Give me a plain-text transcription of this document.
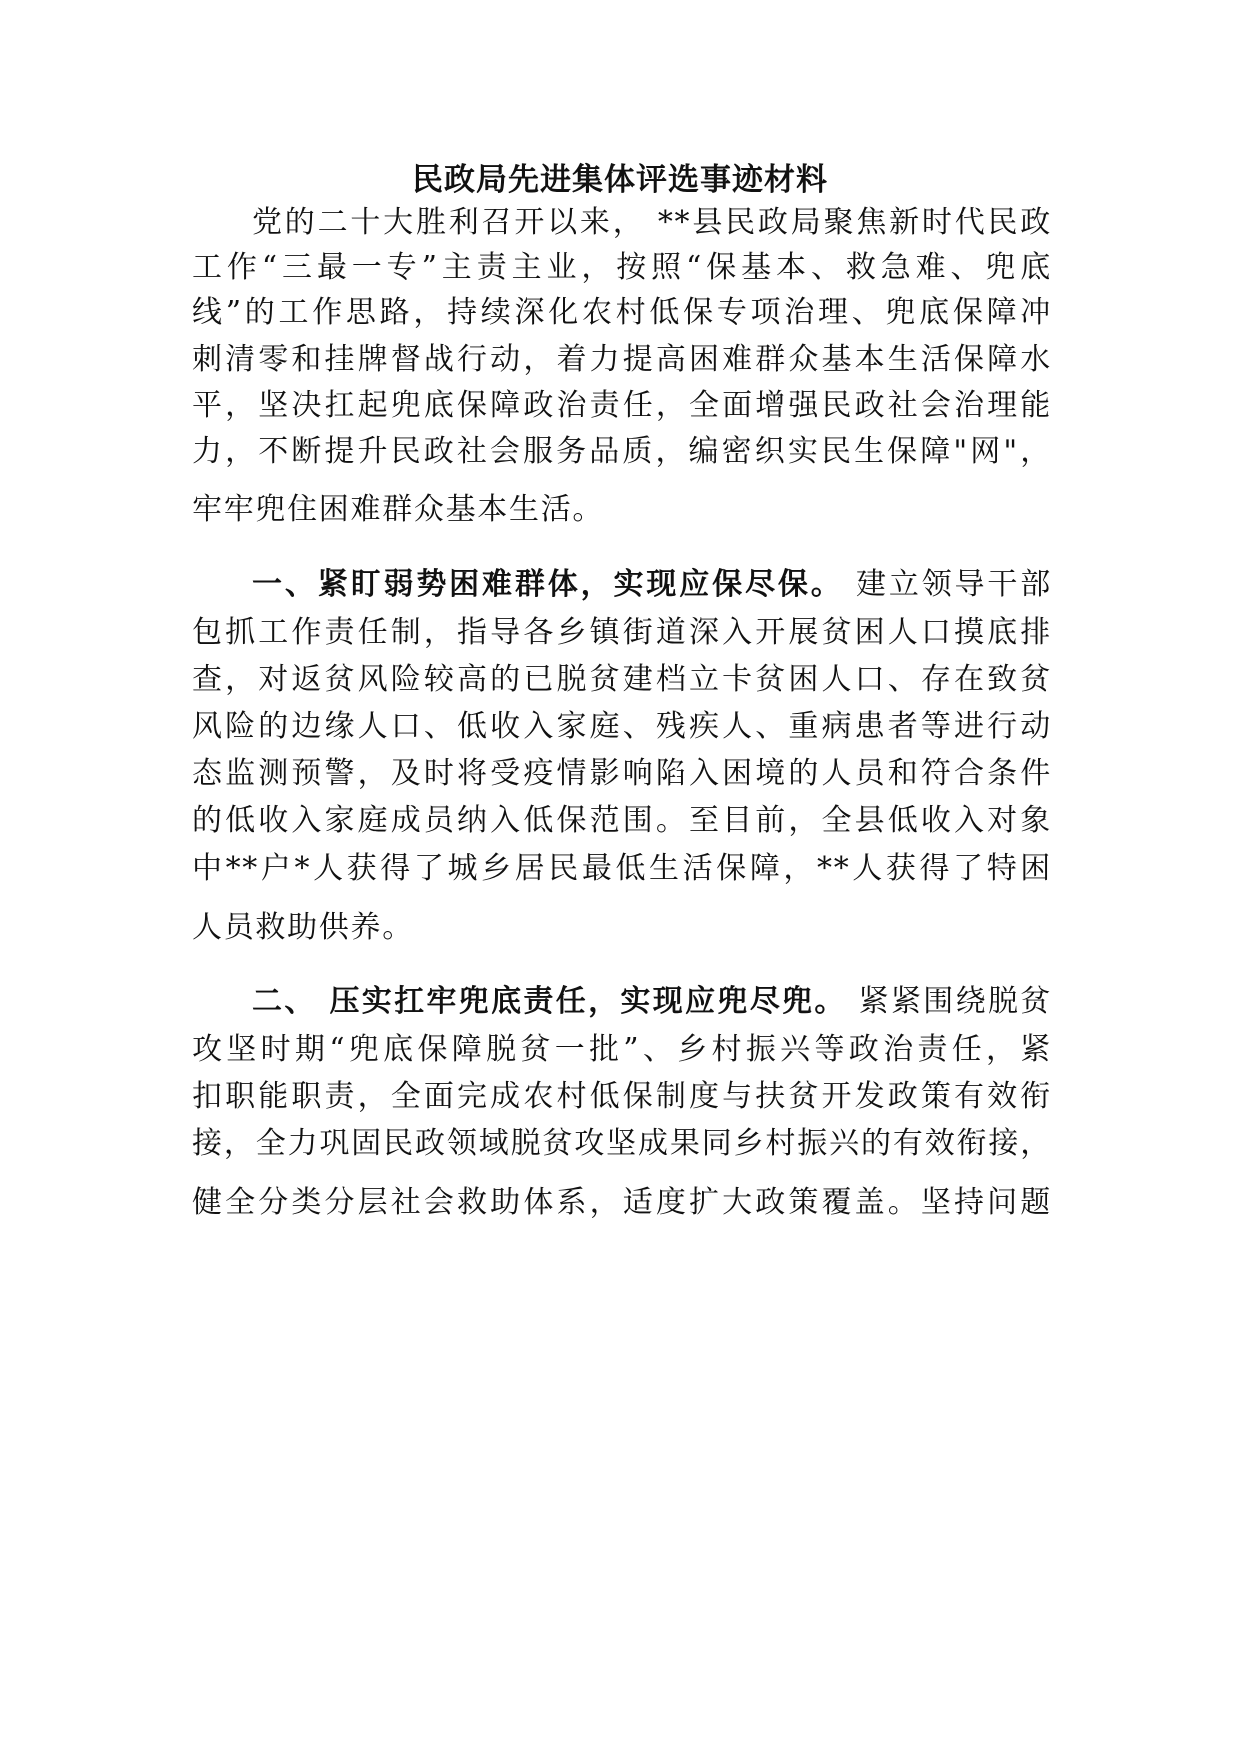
民政局先进集体评选事迹材料
党的二十大胜利召开以来， **县民政局聚焦新时代民政
工作“三最一专”主责主业，按照“保基本、救急难、兜底
线”的工作思路，持续深化农村低保专项治理、兜底保障冲
刺清零和挂牌督战行动，着力提高困难群众基本生活保障水
平，坚决扛起兜底保障政治责任，全面增强民政社会治理能
力，不断提升民政社会服务品质，编密织实民生保障"网"，
牢牢兜住困难群众基本生活。
一、紧盯弱势困难群体，实现应保尽保。 建立领导干部
包抓工作责任制，指导各乡镇街道深入开展贫困人口摸底排
查，对返贫风险较高的已脱贫建档立卡贫困人口、存在致贫
风险的边缘人口、低收入家庭、残疾人、重病患者等进行动
态监测预警，及时将受疫情影响陷入困境的人员和符合条件
的低收入家庭成员纳入低保范围。至目前，全县低收入对象
中**户*人获得了城乡居民最低生活保障，**人获得了特困
人员救助供养。
二、 压实扛牢兜底责任，实现应兜尽兜。 紧紧围绕脱贫
攻坚时期“兜底保障脱贫一批”、乡村振兴等政治责任，紧
扣职能职责，全面完成农村低保制度与扶贫开发政策有效衔
接，全力巩固民政领域脱贫攻坚成果同乡村振兴的有效衔接，
健全分类分层社会救助体系，适度扩大政策覆盖。坚持问题
